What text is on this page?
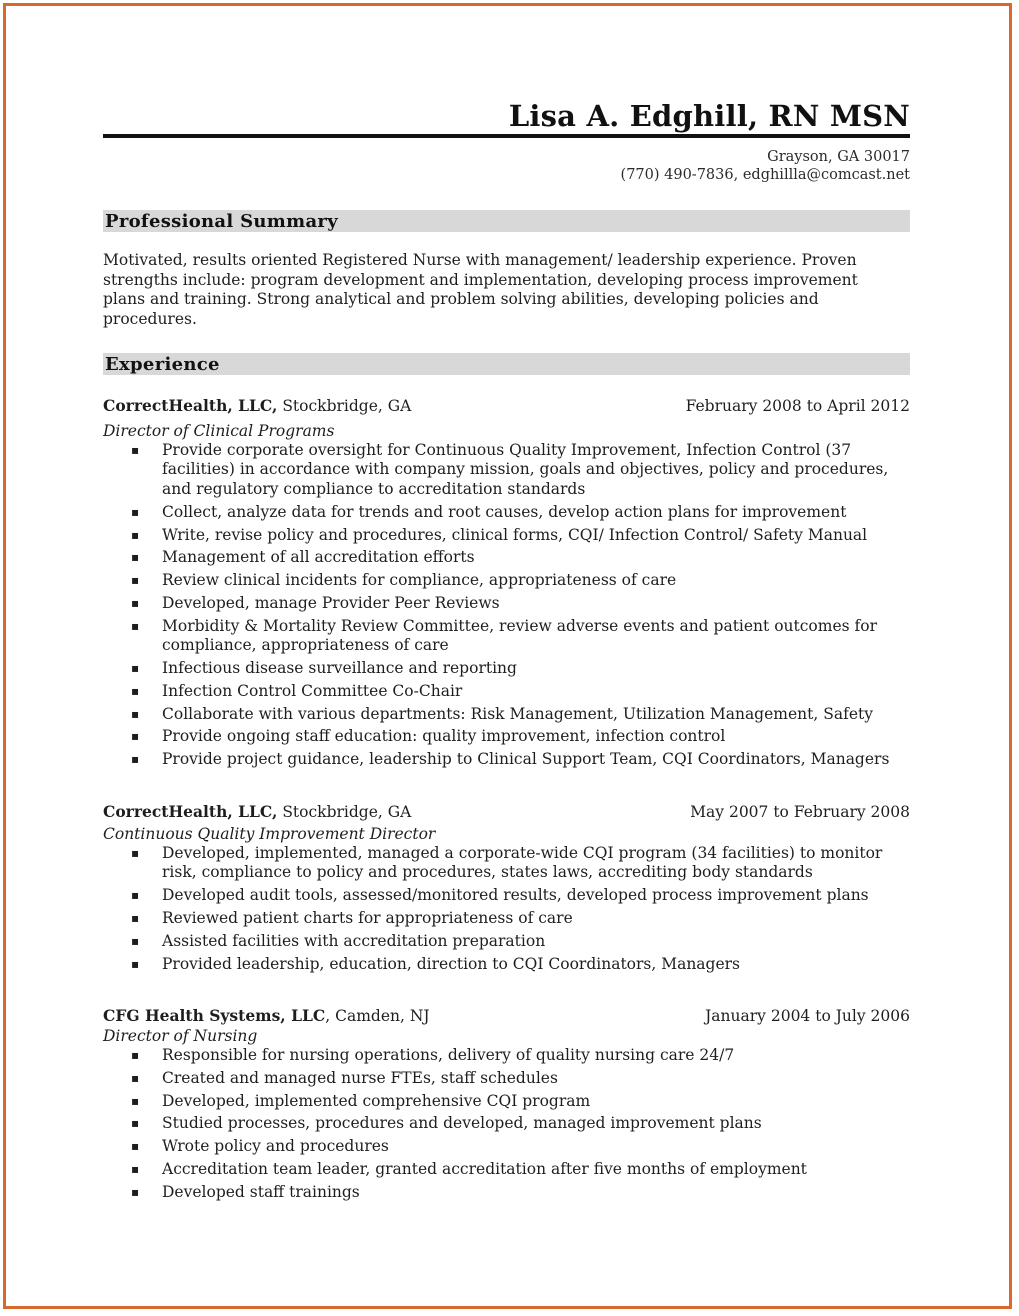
Lisa A. Edghill, RN MSN
Grayson, GA 30017
(770) 490-7836, edghillla@comcast.net
Professional Summary
Motivated, results oriented Registered Nurse with management/ leadership experience. Proven strengths include: program development and implementation, developing process improvement plans and training. Strong analytical and problem solving abilities, developing policies and procedures.
Experience
CorrectHealth, LLC, Stockbridge, GA	February 2008 to April 2012
Director of Clinical Programs
▪ Provide corporate oversight for Continuous Quality Improvement, Infection Control (37 facilities) in accordance with company mission, goals and objectives, policy and procedures, and regulatory compliance to accreditation standards
▪ Collect, analyze data for trends and root causes, develop action plans for improvement
▪ Write, revise policy and procedures, clinical forms, CQI/ Infection Control/ Safety Manual
▪ Management of all accreditation efforts
▪ Review clinical incidents for compliance, appropriateness of care
▪ Developed, manage Provider Peer Reviews
▪ Morbidity & Mortality Review Committee, review adverse events and patient outcomes for compliance, appropriateness of care
▪ Infectious disease surveillance and reporting
▪ Infection Control Committee Co-Chair
▪ Collaborate with various departments: Risk Management, Utilization Management, Safety
▪ Provide ongoing staff education: quality improvement, infection control
▪ Provide project guidance, leadership to Clinical Support Team, CQI Coordinators, Managers
CorrectHealth, LLC, Stockbridge, GA	May 2007 to February 2008
Continuous Quality Improvement Director
▪ Developed, implemented, managed a corporate-wide CQI program (34 facilities) to monitor risk, compliance to policy and procedures, states laws, accrediting body standards
▪ Developed audit tools, assessed/monitored results, developed process improvement plans
▪ Reviewed patient charts for appropriateness of care
▪ Assisted facilities with accreditation preparation
▪ Provided leadership, education, direction to CQI Coordinators, Managers
CFG Health Systems, LLC, Camden, NJ	January 2004 to July 2006
Director of Nursing
▪ Responsible for nursing operations, delivery of quality nursing care 24/7
▪ Created and managed nurse FTEs, staff schedules
▪ Developed, implemented comprehensive CQI program
▪ Studied processes, procedures and developed, managed improvement plans
▪ Wrote policy and procedures
▪ Accreditation team leader, granted accreditation after five months of employment
▪ Developed staff trainings
